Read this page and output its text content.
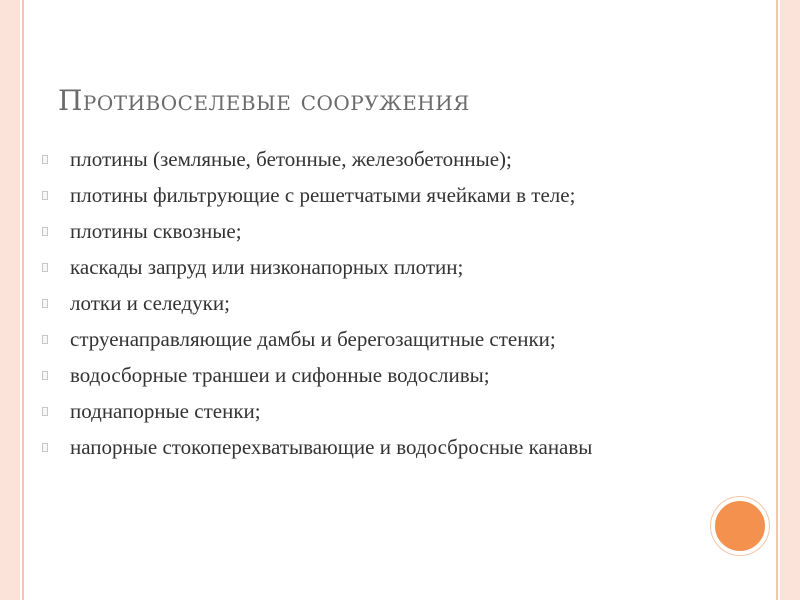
Противоселевые сооружения
плотины (земляные, бетонные, железобетонные);
плотины фильтрующие с решетчатыми ячейками в теле;
плотины сквозные;
каскады запруд или низконапорных плотин;
лотки и селедуки;
струенаправляющие дамбы и берегозащитные стенки;
водосборные траншеи и сифонные водосливы;
поднапорные стенки;
напорные стокоперехватывающие и водосбросные канавы
